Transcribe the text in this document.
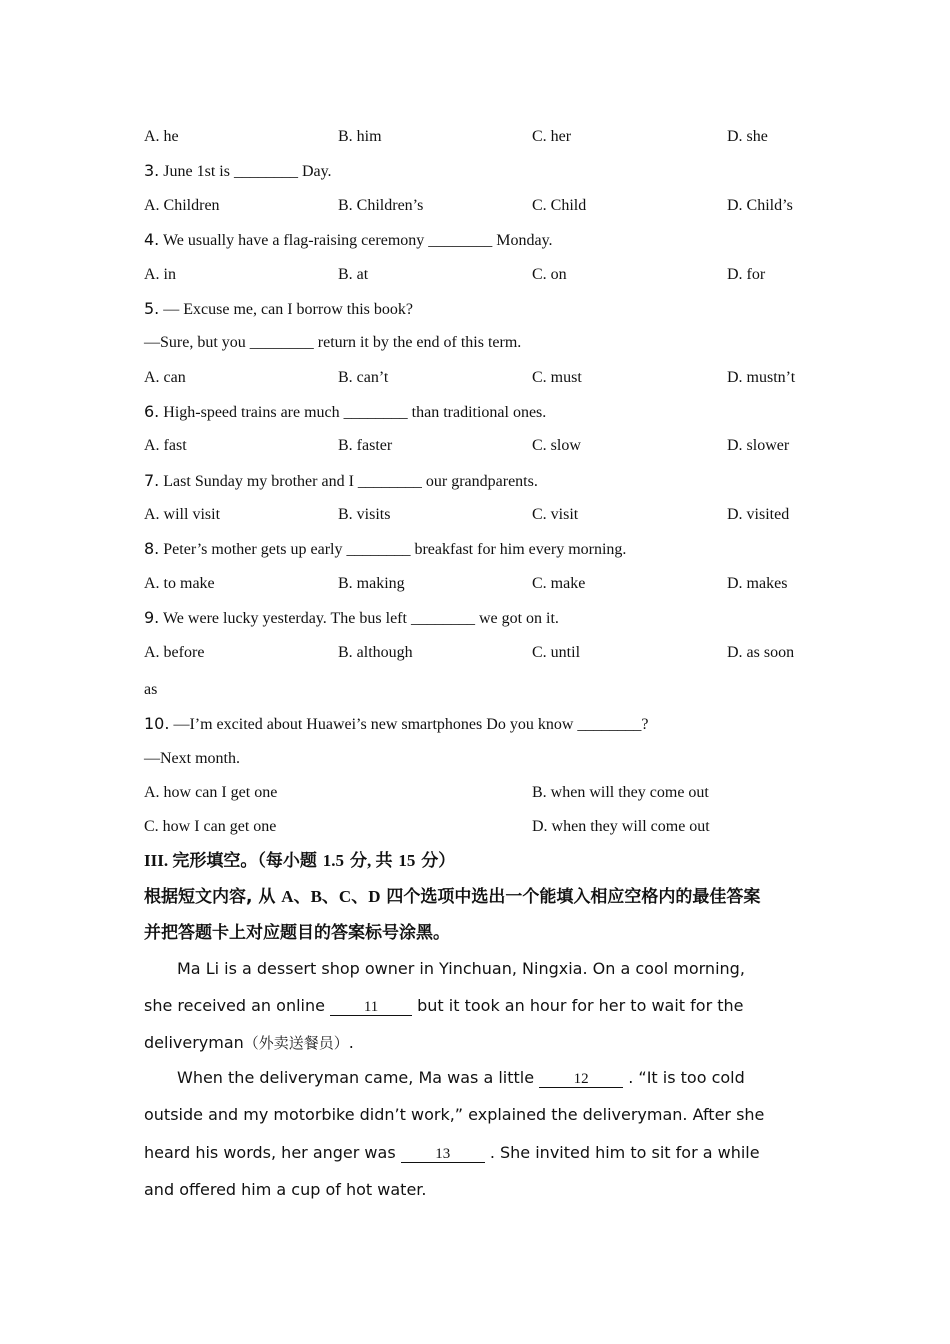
A. he	B. him	C. her	D. she
3. June 1st is ________ Day.
A. Children	B. Children’s	C. Child	D. Child’s
4. We usually have a flag-raising ceremony ________ Monday.
A. in	B. at	C. on	D. for
5. — Excuse me, can I borrow this book?
—Sure, but you ________ return it by the end of this term.
A. can	B. can’t	C. must	D. mustn’t
6. High-speed trains are much ________ than traditional ones.
A. fast	B. faster	C. slow	D. slower
7. Last Sunday my brother and I ________ our grandparents.
A. will visit	B. visits	C. visit	D. visited
8. Peter’s mother gets up early ________ breakfast for him every morning.
A. to make	B. making	C. make	D. makes
9. We were lucky yesterday. The bus left ________ we got on it.
A. before	B. although	C. until	D. as soon
as
10. —I’m excited about Huawei’s new smartphones Do you know ________?
—Next month.
A. how can I get one	B. when will they come out
C. how I can get one	D. when they will come out
III. 完形填空。（每小题 1.5 分, 共 15 分）
根据短文内容, 从 A、B、C、D 四个选项中选出一个能填入相应空格内的最佳答案
并把答题卡上对应题目的答案标号涂黑。
Ma Li is a dessert shop owner in Yinchuan, Ningxia. On a cool morning,
she received an online 11 but it took an hour for her to wait for the
deliveryman（外卖送餐员）.
When the deliveryman came, Ma was a little 12 . “It is too cold
outside and my motorbike didn’t work,” explained the deliveryman. After she
heard his words, her anger was 13 . She invited him to sit for a while
and offered him a cup of hot water.
